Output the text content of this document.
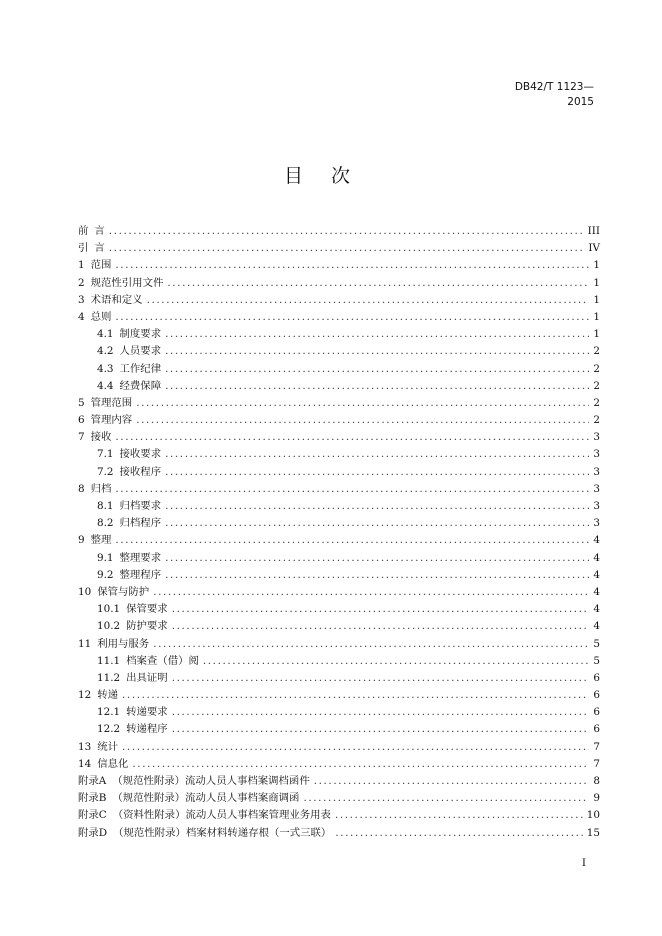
DB42/T 1123—
2015
目次
前 言 .....	III
引 言 .....	IV
1 范围 .....	1
2 规范性引用文件 .....	1
3 术语和定义 .....	1
4 总则 .....	1
4.1 制度要求 .....	1
4.2 人员要求 .....	2
4.3 工作纪律 .....	2
4.4 经费保障 .....	2
5 管理范围 .....	2
6 管理内容 .....	2
7 接收 .....	3
7.1 接收要求 .....	3
7.2 接收程序 .....	3
8 归档 .....	3
8.1 归档要求 .....	3
8.2 归档程序 .....	3
9 整理 .....	4
9.1 整理要求 .....	4
9.2 整理程序 .....	4
10 保管与防护 .....	4
10.1 保管要求 .....	4
10.2 防护要求 .....	4
11 利用与服务 .....	5
11.1 档案查（借）阅 .....	5
11.2 出具证明 .....	6
12 转递 .....	6
12.1 转递要求 .....	6
12.2 转递程序 .....	6
13 统计 .....	7
14 信息化 .....	7
附录A （规范性附录）流动人员人事档案调档函件 .....	8
附录B （规范性附录）流动人员人事档案商调函 .....	9
附录C （资料性附录）流动人员人事档案管理业务用表 .....	10
附录D （规范性附录）档案材料转递存根（一式三联） .....	15
I
